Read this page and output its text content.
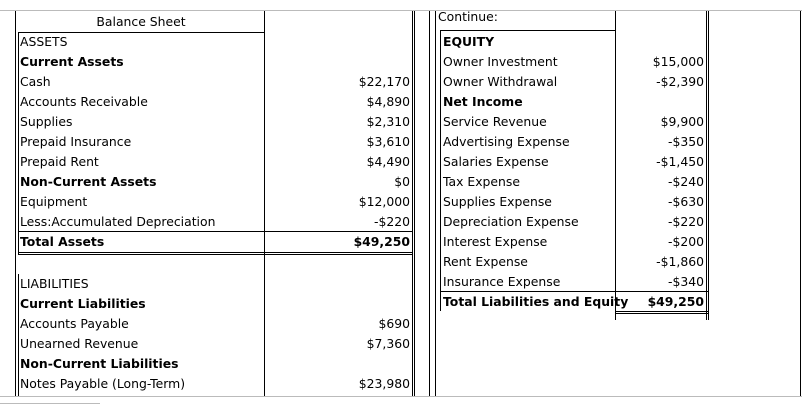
Balance Sheet
ASSETS
Current Assets
Cash	$22,170
Accounts Receivable	$4,890
Supplies	$2,310
Prepaid Insurance	$3,610
Prepaid Rent	$4,490
Non-Current Assets	$0
Equipment	$12,000
Less:Accumulated Depreciation	-$220
Total Assets	$49,250
LIABILITIES
Current Liabilities
Accounts Payable	$690
Unearned Revenue	$7,360
Non-Current Liabilities
Notes Payable (Long-Term)	$23,980
Continue:
EQUITY
Owner Investment	$15,000
Owner Withdrawal	-$2,390
Net Income
Service Revenue	$9,900
Advertising Expense	-$350
Salaries Expense	-$1,450
Tax Expense	-$240
Supplies Expense	-$630
Depreciation Expense	-$220
Interest Expense	-$200
Rent Expense	-$1,860
Insurance Expense	-$340
Total Liabilities and Equity	$49,250
